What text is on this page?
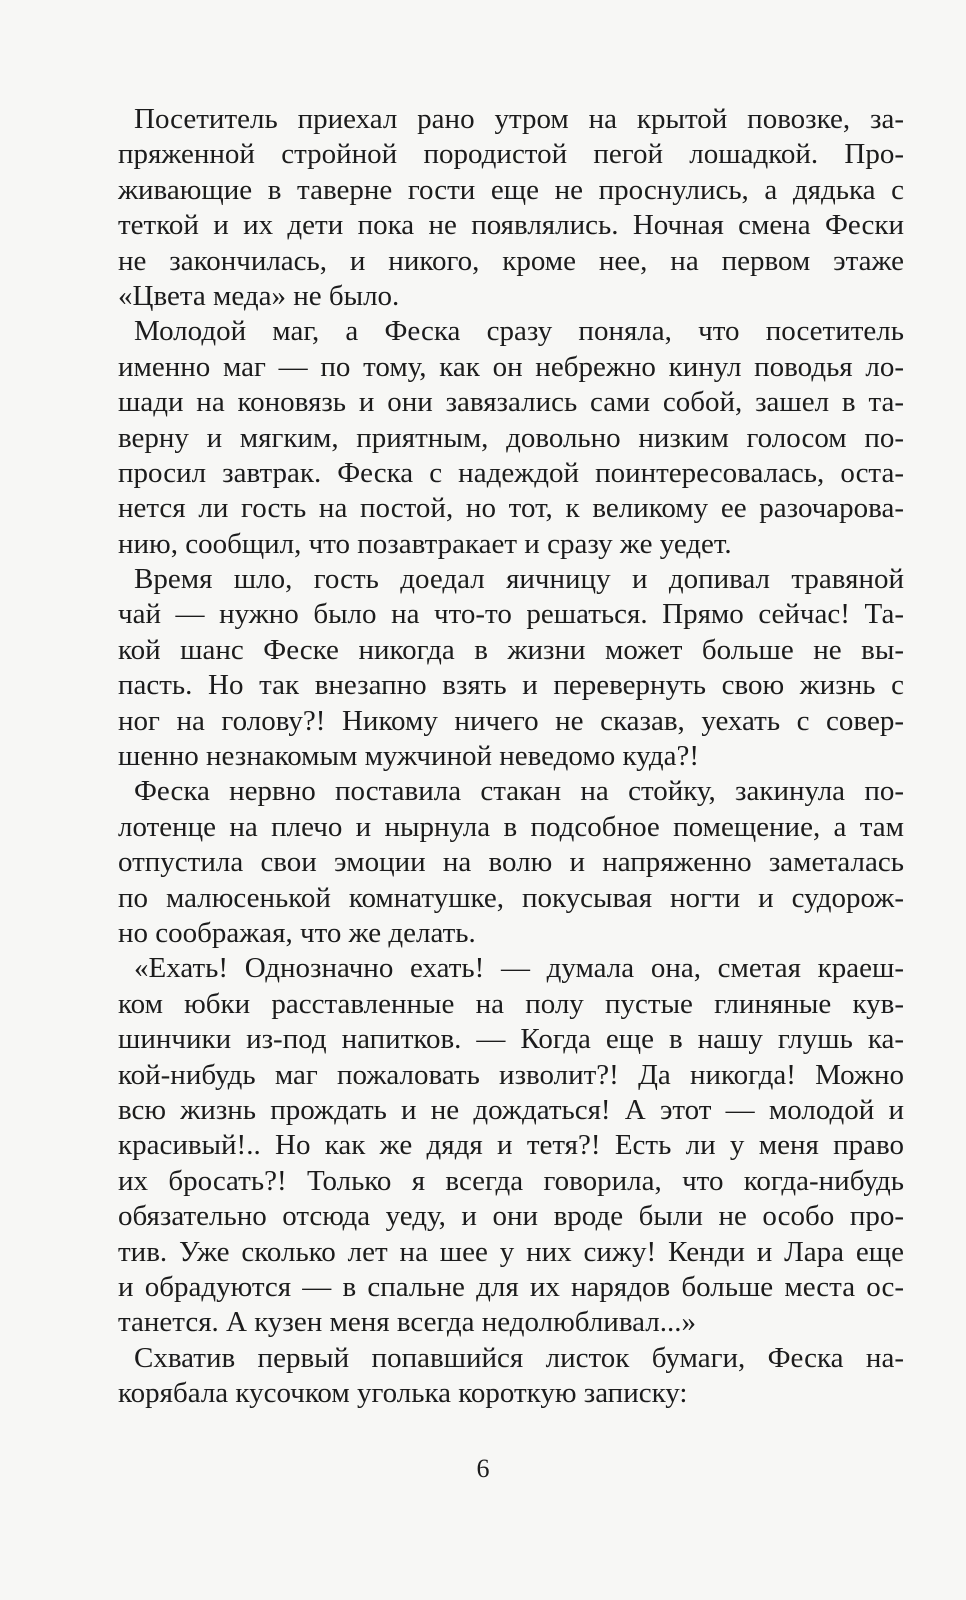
Посетитель приехал рано утром на крытой повозке, за-
пряженной стройной породистой пегой лошадкой. Про-
живающие в таверне гости еще не проснулись, а дядька с
теткой и их дети пока не появлялись. Ночная смена Фески
не закончилась, и никого, кроме нее, на первом этаже
«Цвета меда» не было.
Молодой маг, а Феска сразу поняла, что посетитель
именно маг — по тому, как он небрежно кинул поводья ло-
шади на коновязь и они завязались сами собой, зашел в та-
верну и мягким, приятным, довольно низким голосом по-
просил завтрак. Феска с надеждой поинтересовалась, оста-
нется ли гость на постой, но тот, к великому ее разочарова-
нию, сообщил, что позавтракает и сразу же уедет.
Время шло, гость доедал яичницу и допивал травяной
чай — нужно было на что-то решаться. Прямо сейчас! Та-
кой шанс Феске никогда в жизни может больше не вы-
пасть. Но так внезапно взять и перевернуть свою жизнь с
ног на голову?! Никому ничего не сказав, уехать с совер-
шенно незнакомым мужчиной неведомо куда?!
Феска нервно поставила стакан на стойку, закинула по-
лотенце на плечо и нырнула в подсобное помещение, а там
отпустила свои эмоции на волю и напряженно заметалась
по малюсенькой комнатушке, покусывая ногти и судорож-
но соображая, что же делать.
«Ехать! Однозначно ехать! — думала она, сметая краеш-
ком юбки расставленные на полу пустые глиняные кув-
шинчики из-под напитков. — Когда еще в нашу глушь ка-
кой-нибудь маг пожаловать изволит?! Да никогда! Можно
всю жизнь прождать и не дождаться! А этот — молодой и
красивый!.. Но как же дядя и тетя?! Есть ли у меня право
их бросать?! Только я всегда говорила, что когда-нибудь
обязательно отсюда уеду, и они вроде были не особо про-
тив. Уже сколько лет на шее у них сижу! Кенди и Лара еще
и обрадуются — в спальне для их нарядов больше места ос-
танется. А кузен меня всегда недолюбливал...»
Схватив первый попавшийся листок бумаги, Феска на-
корябала кусочком уголька короткую записку:
6
